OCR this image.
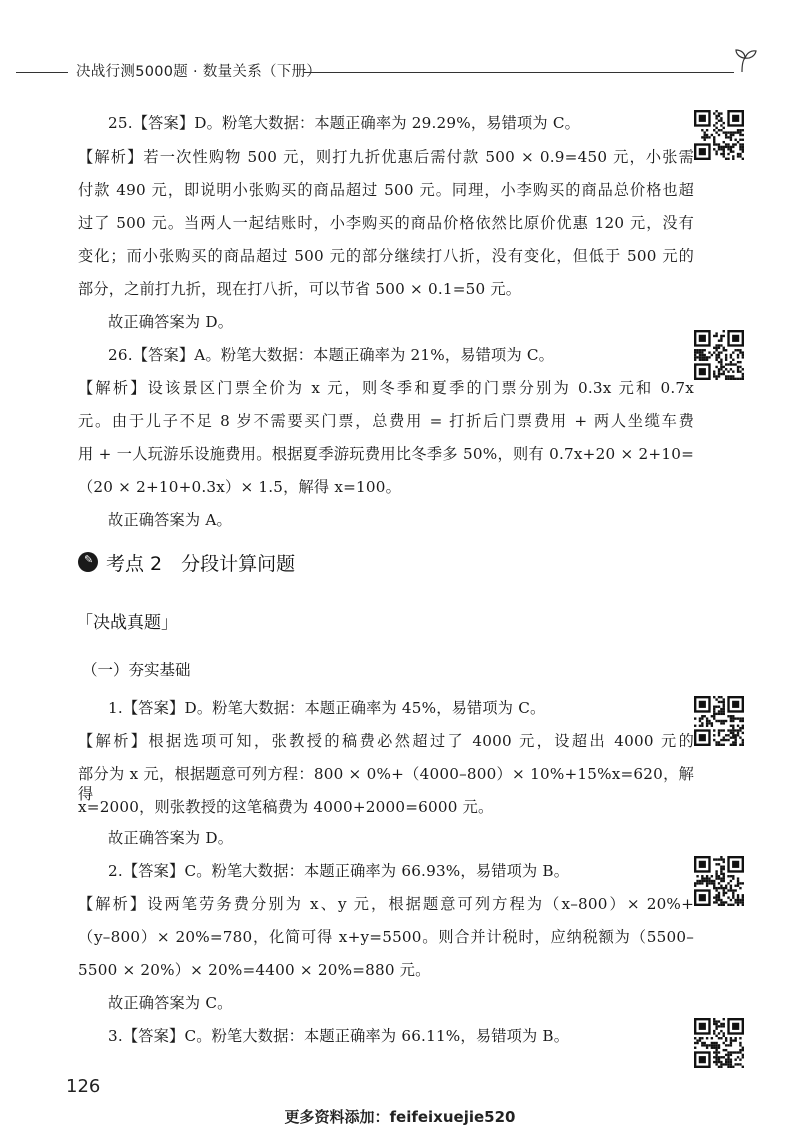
决战行测5000题 · 数量关系（下册）
25.【答案】D。粉笔大数据：本题正确率为 29.29%，易错项为 C。
【解析】若一次性购物 500 元，则打九折优惠后需付款 500 × 0.9=450 元，小张需
付款 490 元，即说明小张购买的商品超过 500 元。同理，小李购买的商品总价格也超
过了 500 元。当两人一起结账时，小李购买的商品价格依然比原价优惠 120 元，没有
变化；而小张购买的商品超过 500 元的部分继续打八折，没有变化，但低于 500 元的
部分，之前打九折，现在打八折，可以节省 500 × 0.1=50 元。
故正确答案为 D。
26.【答案】A。粉笔大数据：本题正确率为 21%，易错项为 C。
【解析】设该景区门票全价为 x 元，则冬季和夏季的门票分别为 0.3x 元和 0.7x
元。由于儿子不足 8 岁不需要买门票，总费用 = 打折后门票费用 + 两人坐缆车费
用 + 一人玩游乐设施费用。根据夏季游玩费用比冬季多 50%，则有 0.7x+20 × 2+10=
（20 × 2+10+0.3x）× 1.5，解得 x=100。
故正确答案为 A。
✎ 考点 2　分段计算问题
「决战真题」
（一）夯实基础
1.【答案】D。粉笔大数据：本题正确率为 45%，易错项为 C。
【解析】根据选项可知，张教授的稿费必然超过了 4000 元，设超出 4000 元的
部分为 x 元，根据题意可列方程：800 × 0%+（4000–800）× 10%+15%x=620，解得
x=2000，则张教授的这笔稿费为 4000+2000=6000 元。
故正确答案为 D。
2.【答案】C。粉笔大数据：本题正确率为 66.93%，易错项为 B。
【解析】设两笔劳务费分别为 x、y 元，根据题意可列方程为（x–800）× 20%+
（y–800）× 20%=780，化简可得 x+y=5500。则合并计税时，应纳税额为（5500–
5500 × 20%）× 20%=4400 × 20%=880 元。
故正确答案为 C。
3.【答案】C。粉笔大数据：本题正确率为 66.11%，易错项为 B。
126
更多资料添加：feifeixuejie520
